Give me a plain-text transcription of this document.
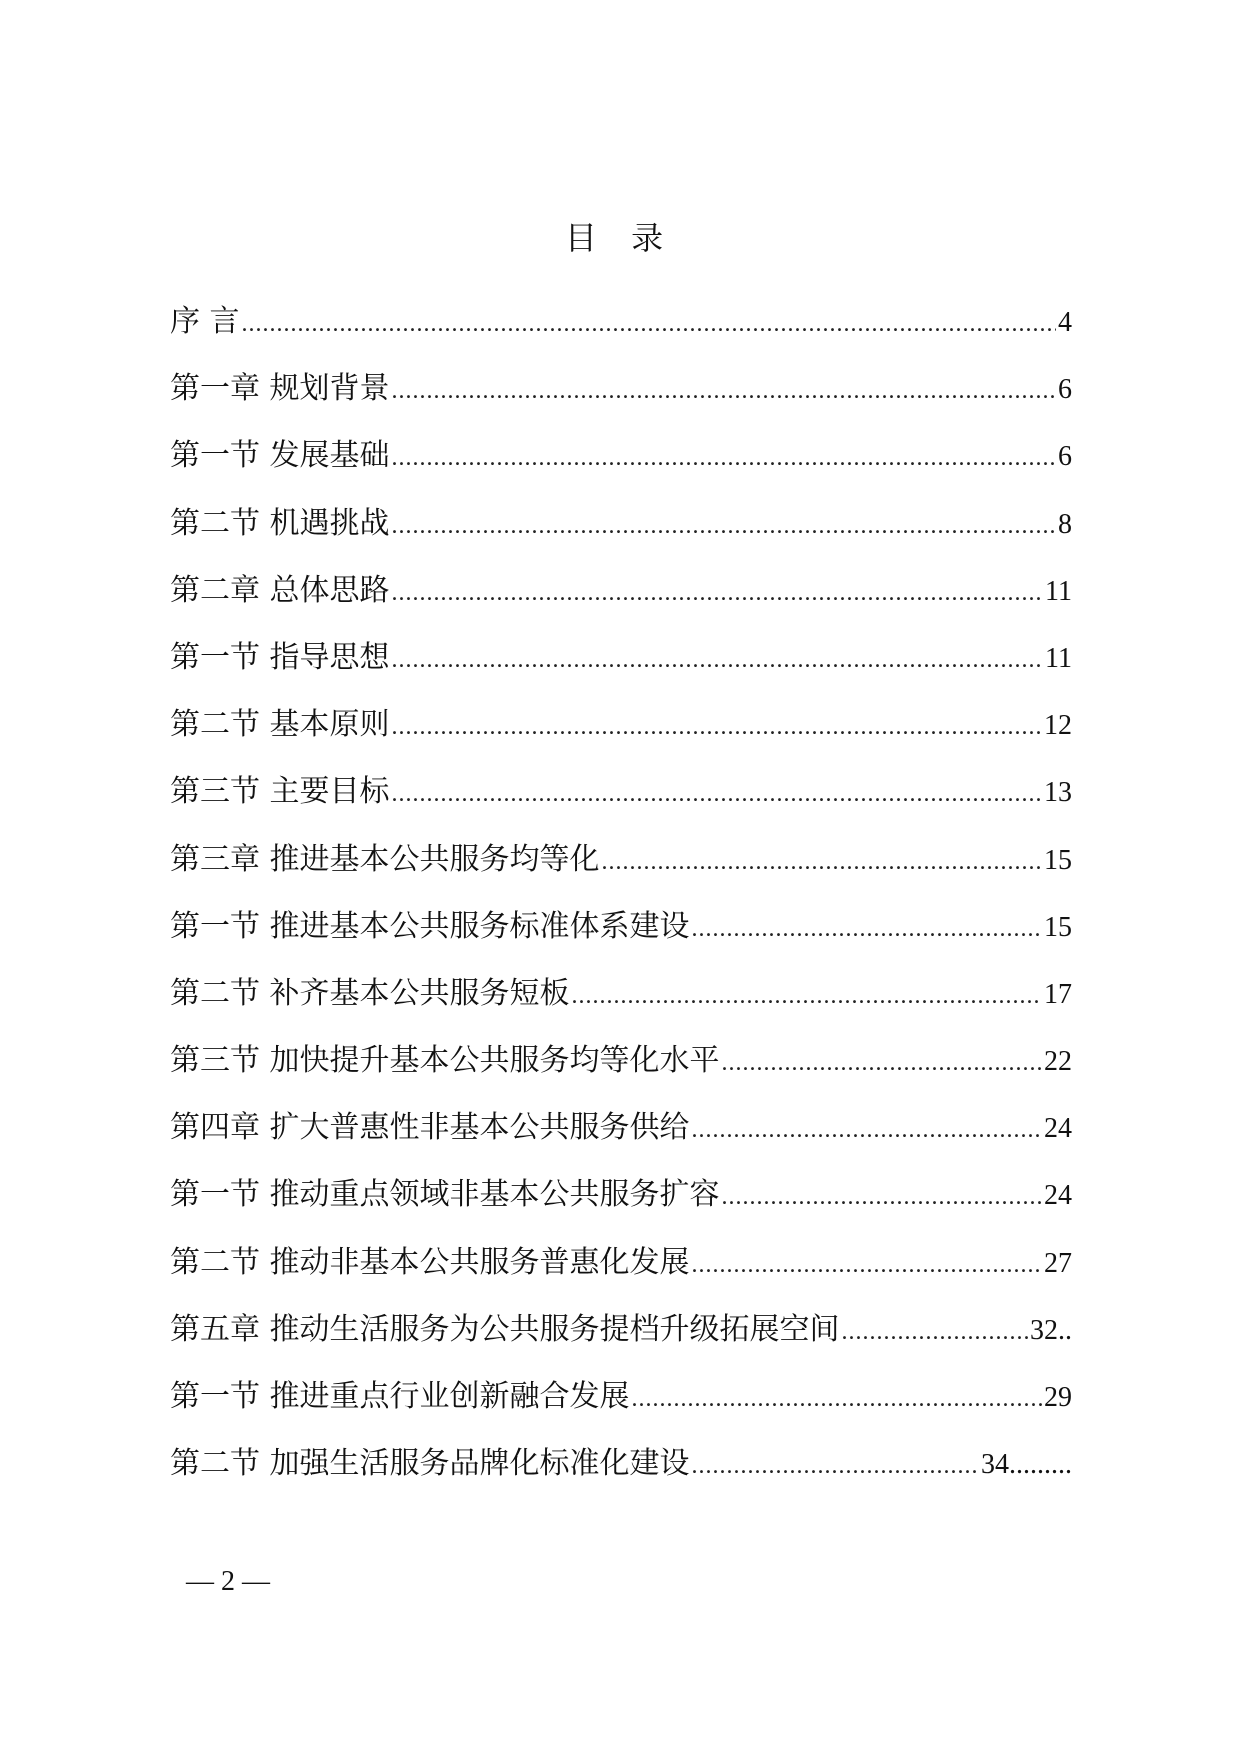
目 录
序 言 .....	4
第一章 规划背景 .....	6
第一节 发展基础 .....	6
第二节 机遇挑战 .....	8
第二章 总体思路 .....	11
第一节 指导思想 .....	11
第二节 基本原则 .....	12
第三节 主要目标 .....	13
第三章 推进基本公共服务均等化 .....	15
第一节 推进基本公共服务标准体系建设 .....	15
第二节 补齐基本公共服务短板 .....	17
第三节 加快提升基本公共服务均等化水平 .....	22
第四章 扩大普惠性非基本公共服务供给 .....	24
第一节 推动重点领域非基本公共服务扩容 .....	24
第二节 推动非基本公共服务普惠化发展 .....	27
第五章 推动生活服务为公共服务提档升级拓展空间 .....	32..
第一节 推进重点行业创新融合发展 .....	29
第二节 加强生活服务品牌化标准化建设 .....	34.........
— 2 —
